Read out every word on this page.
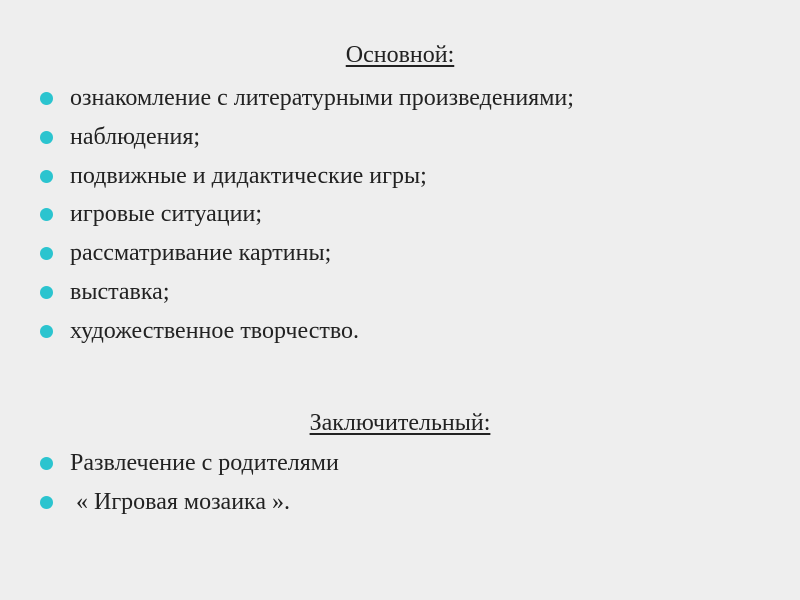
Основной:
ознакомление с литературными произведениями;
наблюдения;
подвижные и дидактические игры;
игровые ситуации;
рассматривание картины;
выставка;
художественное творчество.
Заключительный:
Развлечение с родителями
« Игровая мозаика ».
